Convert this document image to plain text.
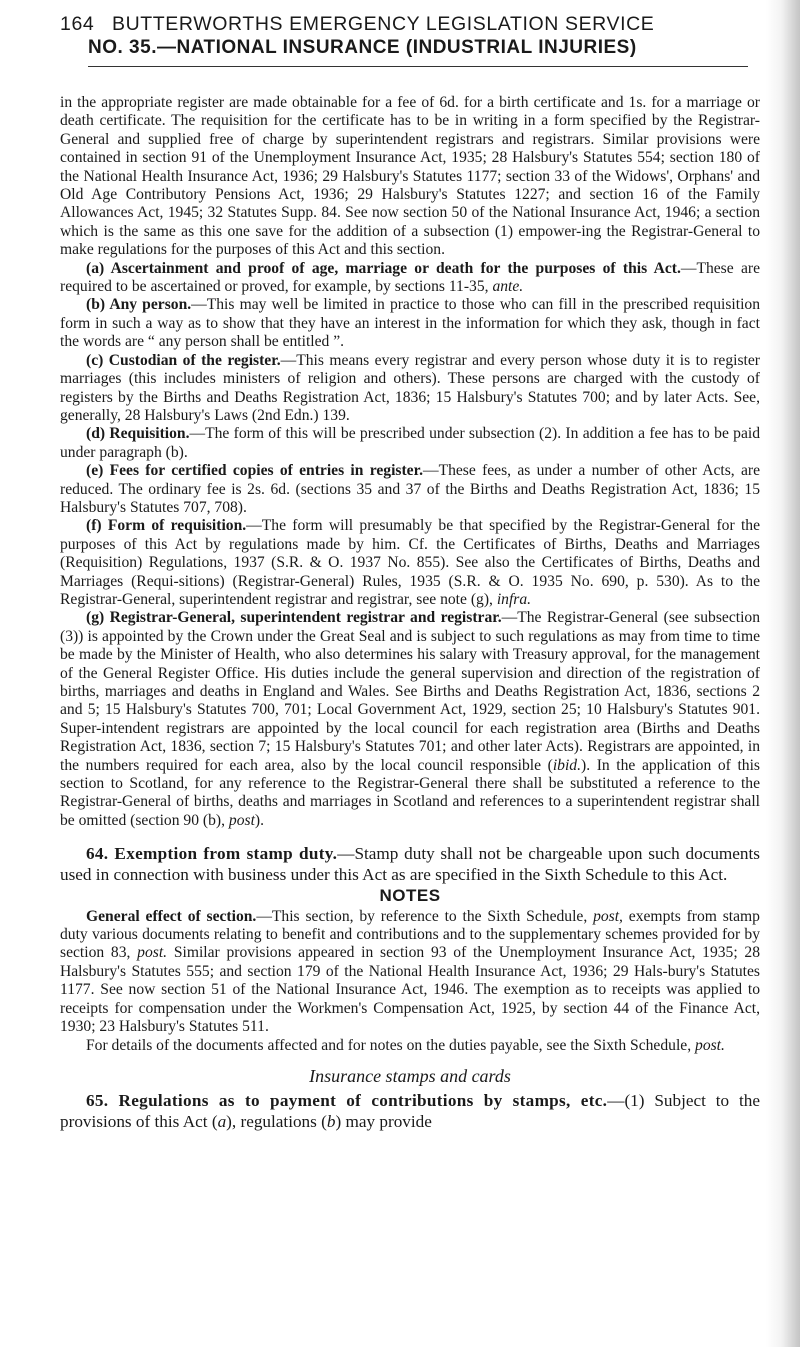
164 BUTTERWORTHS EMERGENCY LEGISLATION SERVICE
NO. 35.—NATIONAL INSURANCE (INDUSTRIAL INJURIES)

in the appropriate register are made obtainable for a fee of 6d. for a birth certificate and 1s. for a marriage or death certificate. The requisition for the certificate has to be in writing in a form specified by the Registrar-General and supplied free of charge by superintendent registrars and registrars. Similar provisions were contained in section 91 of the Unemployment Insurance Act, 1935; 28 Halsbury's Statutes 554; section 180 of the National Health Insurance Act, 1936; 29 Halsbury's Statutes 1177; section 33 of the Widows', Orphans' and Old Age Contributory Pensions Act, 1936; 29 Halsbury's Statutes 1227; and section 16 of the Family Allowances Act, 1945; 32 Statutes Supp. 84. See now section 50 of the National Insurance Act, 1946; a section which is the same as this one save for the addition of a subsection (1) empower-ing the Registrar-General to make regulations for the purposes of this Act and this section.

(a) Ascertainment and proof of age, marriage or death for the purposes of this Act.—These are required to be ascertained or proved, for example, by sections 11-35, ante.

(b) Any person.—This may well be limited in practice to those who can fill in the prescribed requisition form in such a way as to show that they have an interest in the information for which they ask, though in fact the words are “ any person shall be entitled ”.

(c) Custodian of the register.—This means every registrar and every person whose duty it is to register marriages (this includes ministers of religion and others). These persons are charged with the custody of registers by the Births and Deaths Registration Act, 1836; 15 Halsbury's Statutes 700; and by later Acts. See, generally, 28 Halsbury's Laws (2nd Edn.) 139.

(d) Requisition.—The form of this will be prescribed under subsection (2). In addition a fee has to be paid under paragraph (b).

(e) Fees for certified copies of entries in register.—These fees, as under a number of other Acts, are reduced. The ordinary fee is 2s. 6d. (sections 35 and 37 of the Births and Deaths Registration Act, 1836; 15 Halsbury's Statutes 707, 708).

(f) Form of requisition.—The form will presumably be that specified by the Registrar-General for the purposes of this Act by regulations made by him. Cf. the Certificates of Births, Deaths and Marriages (Requisition) Regulations, 1937 (S.R. & O. 1937 No. 855). See also the Certificates of Births, Deaths and Marriages (Requi-sitions) (Registrar-General) Rules, 1935 (S.R. & O. 1935 No. 690, p. 530). As to the Registrar-General, superintendent registrar and registrar, see note (g), infra.

(g) Registrar-General, superintendent registrar and registrar.—The Registrar-General (see subsection (3)) is appointed by the Crown under the Great Seal and is subject to such regulations as may from time to time be made by the Minister of Health, who also determines his salary with Treasury approval, for the management of the General Register Office. His duties include the general supervision and direction of the registration of births, marriages and deaths in England and Wales. See Births and Deaths Registration Act, 1836, sections 2 and 5; 15 Halsbury's Statutes 700, 701; Local Government Act, 1929, section 25; 10 Halsbury's Statutes 901. Super-intendent registrars are appointed by the local council for each registration area (Births and Deaths Registration Act, 1836, section 7; 15 Halsbury's Statutes 701; and other later Acts). Registrars are appointed, in the numbers required for each area, also by the local council responsible (ibid.). In the application of this section to Scotland, for any reference to the Registrar-General there shall be substituted a reference to the Registrar-General of births, deaths and marriages in Scotland and references to a superintendent registrar shall be omitted (section 90 (b), post).

64. Exemption from stamp duty.—Stamp duty shall not be chargeable upon such documents used in connection with business under this Act as are specified in the Sixth Schedule to this Act.

NOTES

General effect of section.—This section, by reference to the Sixth Schedule, post, exempts from stamp duty various documents relating to benefit and contributions and to the supplementary schemes provided for by section 83, post. Similar provisions appeared in section 93 of the Unemployment Insurance Act, 1935; 28 Halsbury's Statutes 555; and section 179 of the National Health Insurance Act, 1936; 29 Hals-bury's Statutes 1177. See now section 51 of the National Insurance Act, 1946. The exemption as to receipts was applied to receipts for compensation under the Workmen's Compensation Act, 1925, by section 44 of the Finance Act, 1930; 23 Halsbury's Statutes 511.

For details of the documents affected and for notes on the duties payable, see the Sixth Schedule, post.

Insurance stamps and cards

65. Regulations as to payment of contributions by stamps, etc.—(1) Subject to the provisions of this Act (a), regulations (b) may provide
